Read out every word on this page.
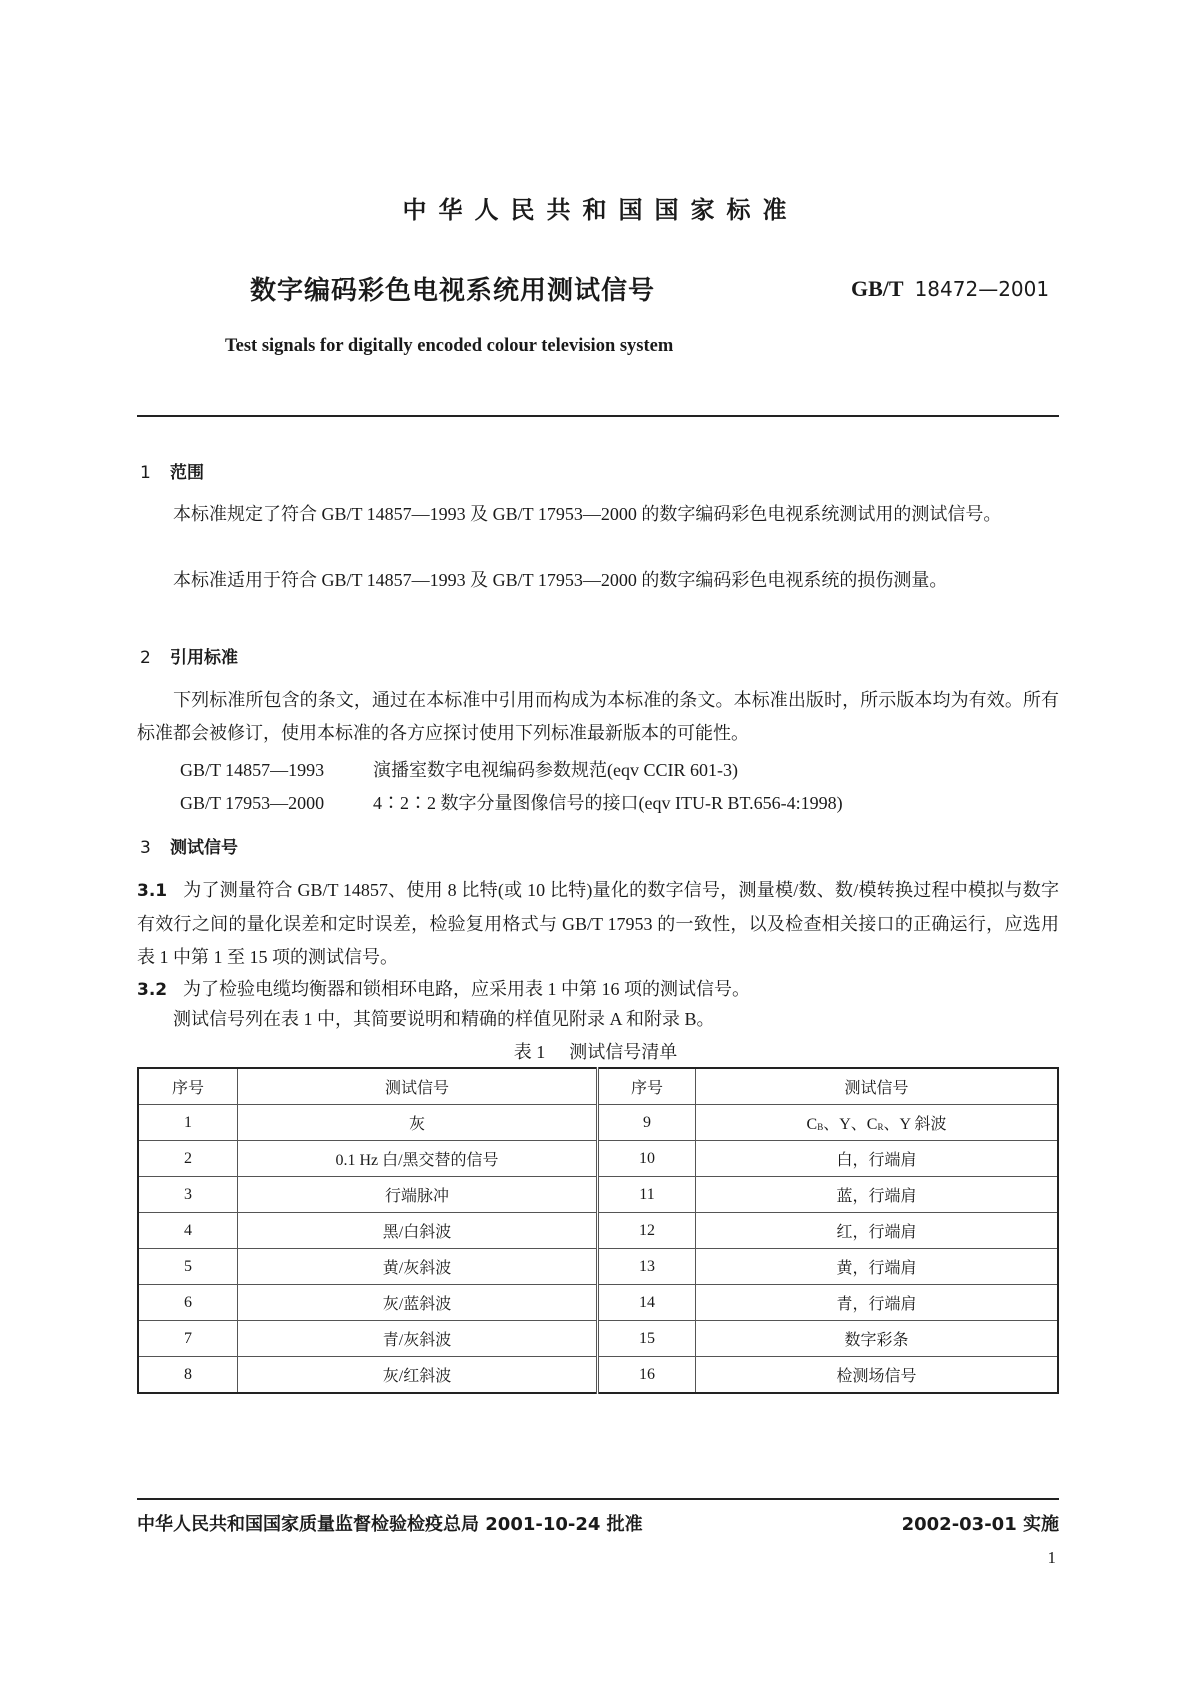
中华人民共和国国家标准
数字编码彩色电视系统用测试信号	GB/T 18472—2001
Test signals for digitally encoded colour television system
1 范围
本标准规定了符合 GB/T 14857—1993 及 GB/T 17953—2000 的数字编码彩色电视系统测试用的测试信号。
本标准适用于符合 GB/T 14857—1993 及 GB/T 17953—2000 的数字编码彩色电视系统的损伤测量。
2 引用标准
下列标准所包含的条文，通过在本标准中引用而构成为本标准的条文。本标准出版时，所示版本均为有效。所有标准都会被修订，使用本标准的各方应探讨使用下列标准最新版本的可能性。
GB/T 14857—1993	演播室数字电视编码参数规范(eqv CCIR 601-3)
GB/T 17953—2000	4∶2∶2 数字分量图像信号的接口(eqv ITU-R BT.656-4:1998)
3 测试信号
3.1 为了测量符合 GB/T 14857、使用 8 比特(或 10 比特)量化的数字信号，测量模/数、数/模转换过程中模拟与数字有效行之间的量化误差和定时误差，检验复用格式与 GB/T 17953 的一致性，以及检查相关接口的正确运行，应选用表 1 中第 1 至 15 项的测试信号。
3.2 为了检验电缆均衡器和锁相环电路，应采用表 1 中第 16 项的测试信号。
测试信号列在表 1 中，其简要说明和精确的样值见附录 A 和附录 B。
表 1 测试信号清单
序号	测试信号	序号	测试信号
1	灰	9	CB、Y、CR、Y 斜波
2	0.1 Hz 白/黑交替的信号	10	白，行端肩
3	行端脉冲	11	蓝，行端肩
4	黑/白斜波	12	红，行端肩
5	黄/灰斜波	13	黄，行端肩
6	灰/蓝斜波	14	青，行端肩
7	青/灰斜波	15	数字彩条
8	灰/红斜波	16	检测场信号
中华人民共和国国家质量监督检验检疫总局 2001-10-24 批准	2002-03-01 实施
1
